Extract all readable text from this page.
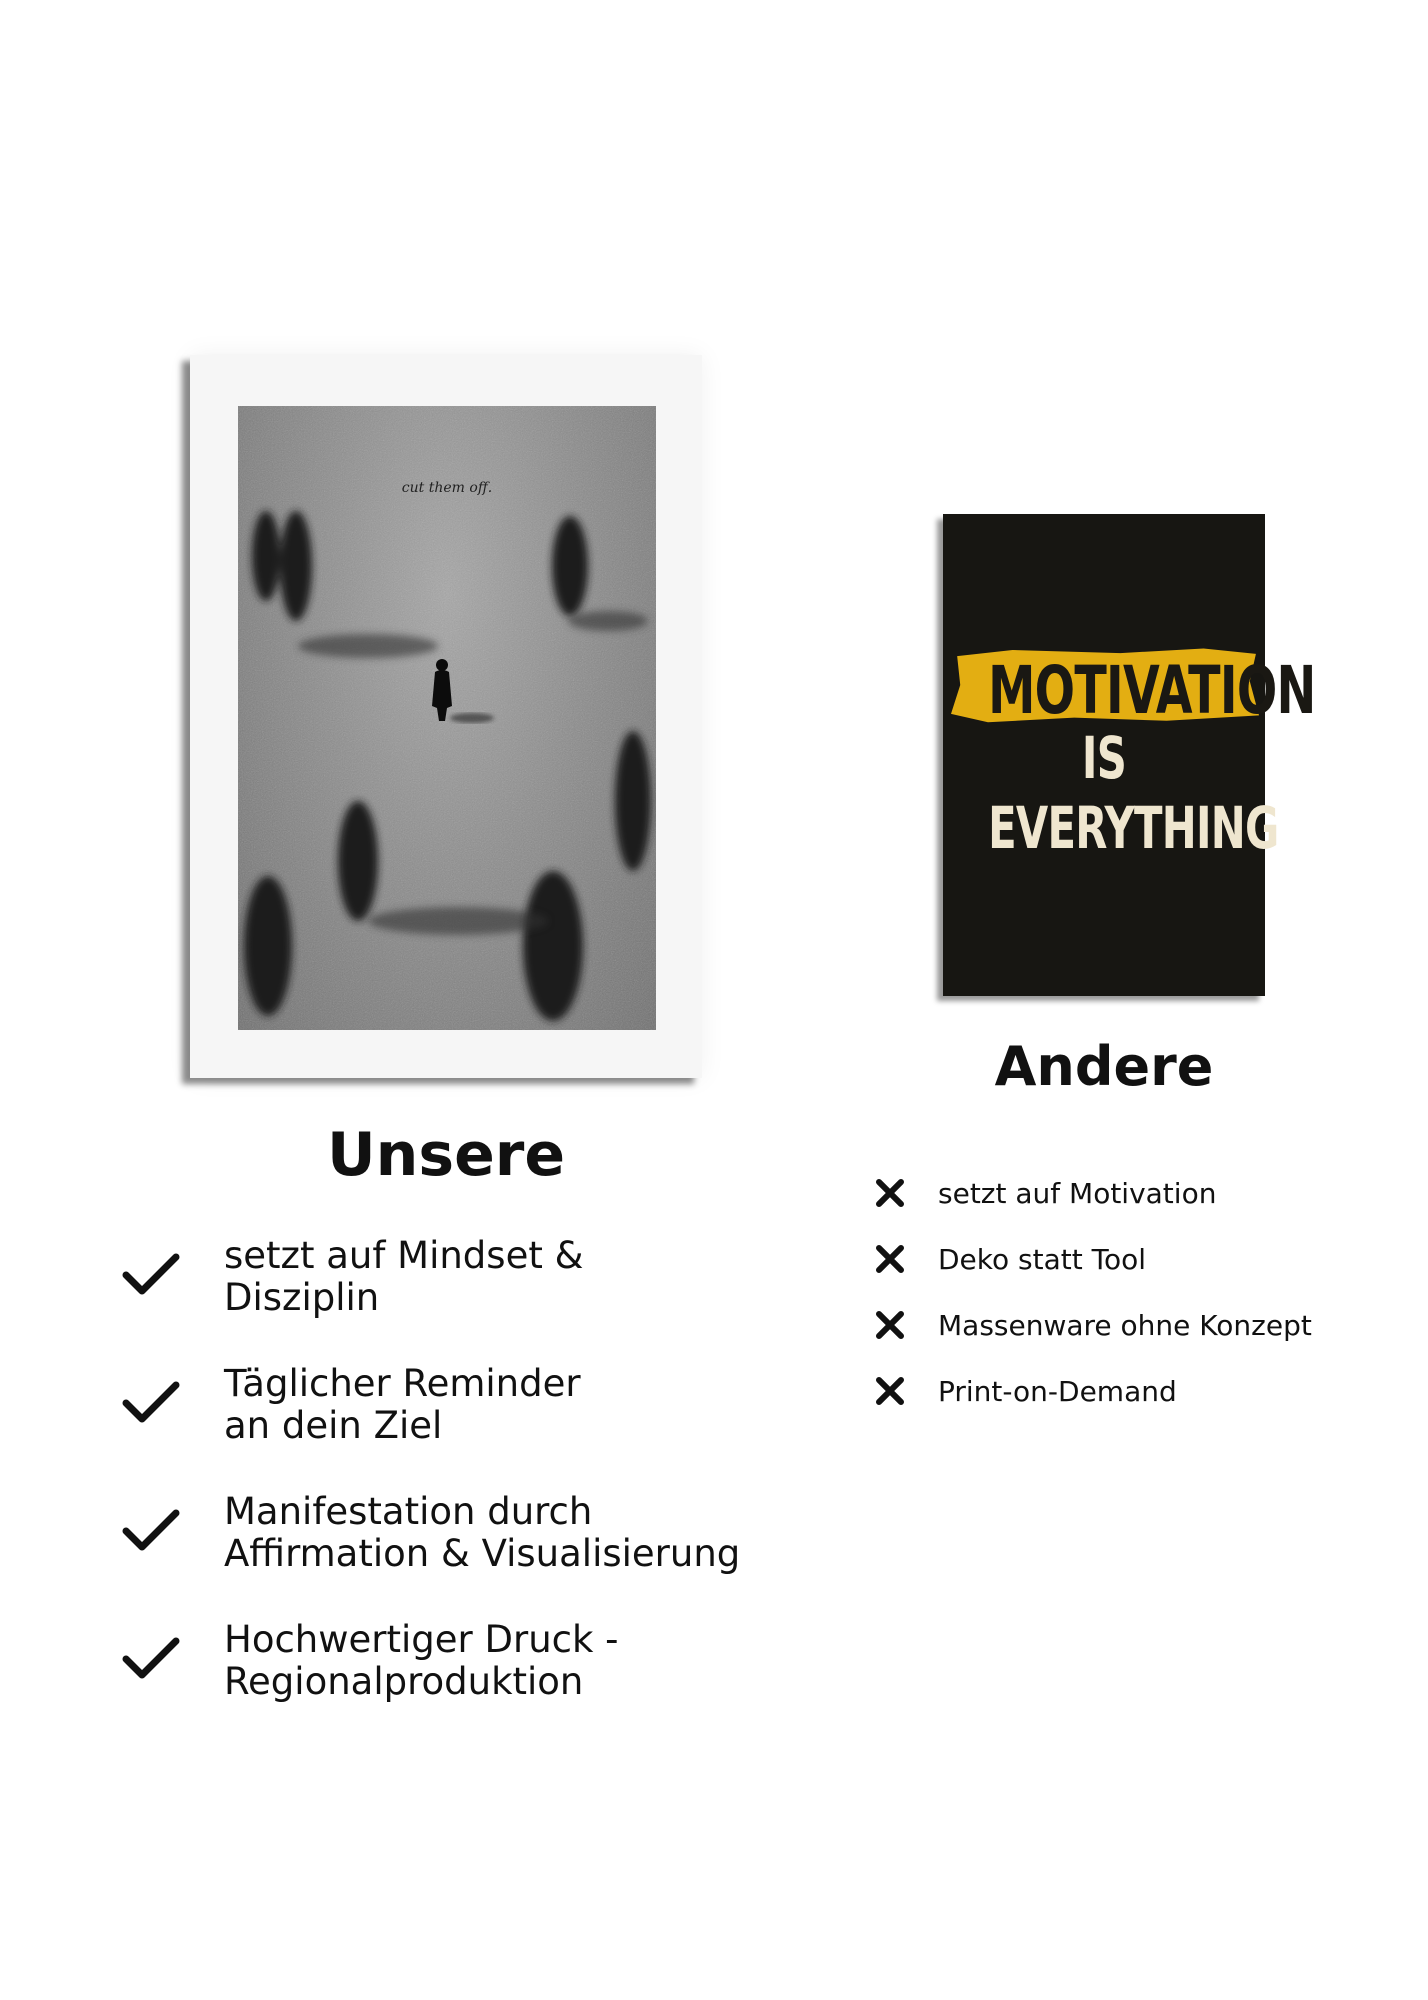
cut them off.
MOTIVATION
IS
EVERYTHING
Unsere
Andere
setzt auf Mindset &
Disziplin
Täglicher Reminder
an dein Ziel
Manifestation durch
Affirmation & Visualisierung
Hochwertiger Druck -
Regionalproduktion
setzt auf Motivation
Deko statt Tool
Massenware ohne Konzept
Print-on-Demand
